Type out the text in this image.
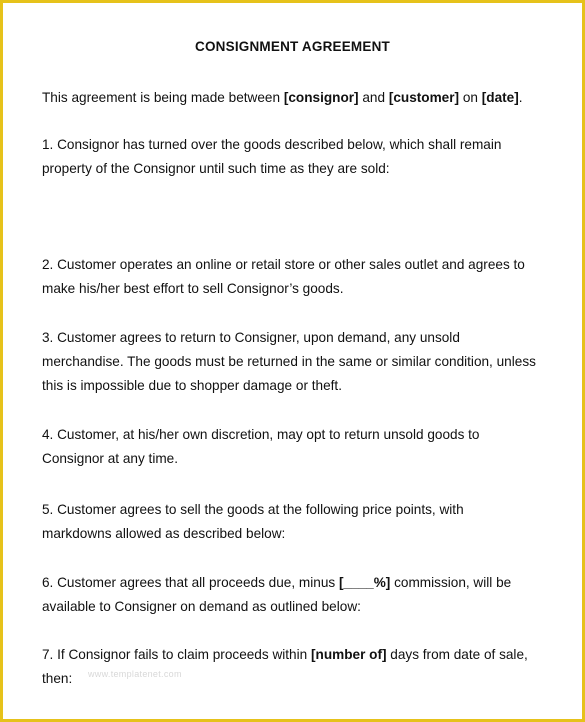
CONSIGNMENT AGREEMENT
This agreement is being made between [consignor] and [customer] on [date].
1. Consignor has turned over the goods described below, which shall remain
property of the Consignor until such time as they are sold:
2. Customer operates an online or retail store or other sales outlet and agrees to
make his/her best effort to sell Consignor’s goods.
3. Customer agrees to return to Consigner, upon demand, any unsold
merchandise. The goods must be returned in the same or similar condition, unless
this is impossible due to shopper damage or theft.
4. Customer, at his/her own discretion, may opt to return unsold goods to
Consignor at any time.
5. Customer agrees to sell the goods at the following price points, with
markdowns allowed as described below:
6. Customer agrees that all proceeds due, minus [____%] commission, will be
available to Consigner on demand as outlined below:
7. If Consignor fails to claim proceeds within [number of] days from date of sale,
then:	www.templatenet.com
